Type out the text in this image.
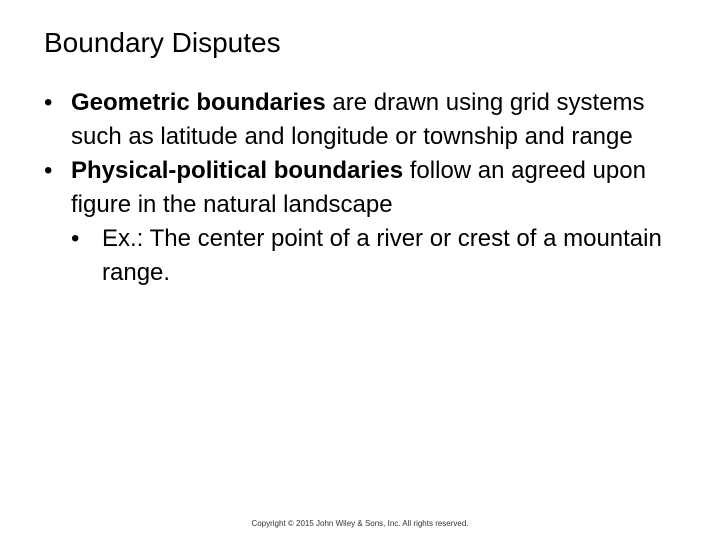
Boundary Disputes
• Geometric boundaries are drawn using grid systems such as latitude and longitude or township and range
• Physical-political boundaries follow an agreed upon figure in the natural landscape
• Ex.: The center point of a river or crest of a mountain range.
Copyright © 2015 John Wiley & Sons, Inc. All rights reserved.
